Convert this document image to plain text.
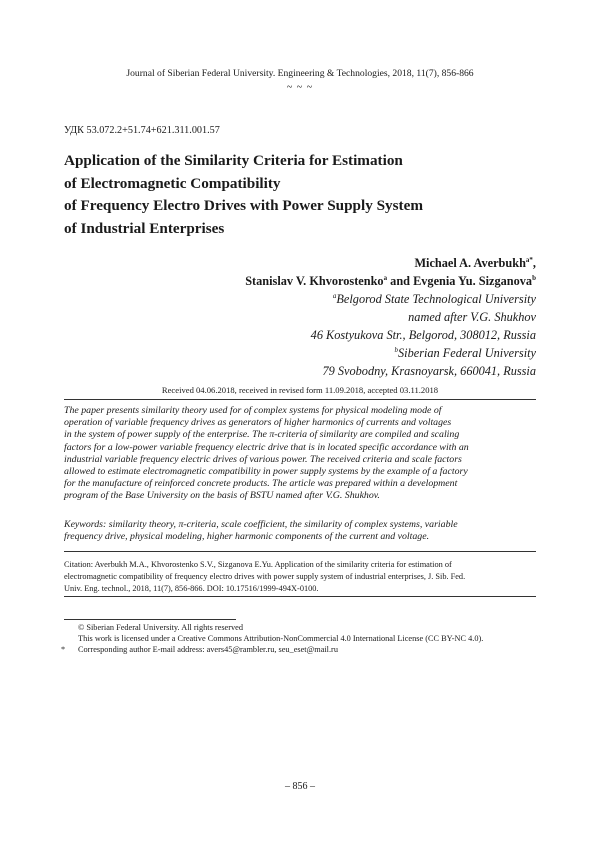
Journal of Siberian Federal University. Engineering & Technologies, 2018, 11(7), 856-866
~ ~ ~
УДК 53.072.2+51.74+621.311.001.57
Application of the Similarity Criteria for Estimation
of Electromagnetic Compatibility
of Frequency Electro Drives with Power Supply System
of Industrial Enterprises
Michael A. Averbukh$^{a*}$,
Stanislav V. Khvorostenko$^a$ and Evgenia Yu. Sizganova$^b$
$^a$Belgorod State Technological University
named after V.G. Shukhov
46 Kostyukova Str., Belgorod, 308012, Russia
$^b$Siberian Federal University
79 Svobodny, Krasnoyarsk, 660041, Russia
Received 04.06.2018, received in revised form 11.09.2018, accepted 03.11.2018
The paper presents similarity theory used for of complex systems for physical modeling mode of
operation of variable frequency drives as generators of higher harmonics of currents and voltages
in the system of power supply of the enterprise. The π-criteria of similarity are compiled and scaling
factors for a low-power variable frequency electric drive that is in located specific accordance with an
industrial variable frequency electric drives of various power. The received criteria and scale factors
allowed to estimate electromagnetic compatibility in power supply systems by the example of a factory
for the manufacture of reinforced concrete products. The article was prepared within a development
program of the Base University on the basis of BSTU named after V.G. Shukhov.
Keywords: similarity theory, π-criteria, scale coefficient, the similarity of complex systems, variable
frequency drive, physical modeling, higher harmonic components of the current and voltage.
Citation: Averbukh M.A., Khvorostenko S.V., Sizganova E.Yu. Application of the similarity criteria for estimation of
electromagnetic compatibility of frequency electro drives with power supply system of industrial enterprises, J. Sib. Fed.
Univ. Eng. technol., 2018, 11(7), 856-866. DOI: 10.17516/1999-494X-0100.
© Siberian Federal University. All rights reserved
This work is licensed under a Creative Commons Attribution-NonCommercial 4.0 International License (CC BY-NC 4.0).
*	Corresponding author E-mail address: avers45@rambler.ru, seu_eset@mail.ru
– 856 –
